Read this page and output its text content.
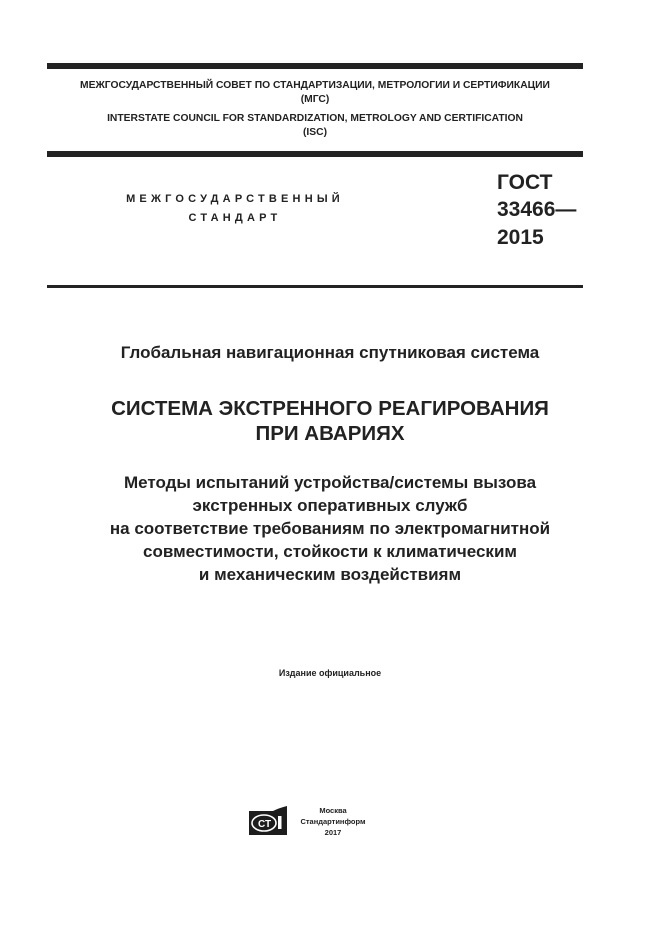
МЕЖГОСУДАРСТВЕННЫЙ СОВЕТ ПО СТАНДАРТИЗАЦИИ, МЕТРОЛОГИИ И СЕРТИФИКАЦИИ
(МГС)
INTERSTATE COUNCIL FOR STANDARDIZATION, METROLOGY AND CERTIFICATION
(ISC)
МЕЖГОСУДАРСТВЕННЫЙ
СТАНДАРТ
ГОСТ
33466—
2015
Глобальная навигационная спутниковая система
СИСТЕМА ЭКСТРЕННОГО РЕАГИРОВАНИЯ
ПРИ АВАРИЯХ
Методы испытаний устройства/системы вызова
экстренных оперативных служб
на соответствие требованиям по электромагнитной
совместимости, стойкости к климатическим
и механическим воздействиям
Издание официальное
СТ
Москва
Стандартинформ
2017
